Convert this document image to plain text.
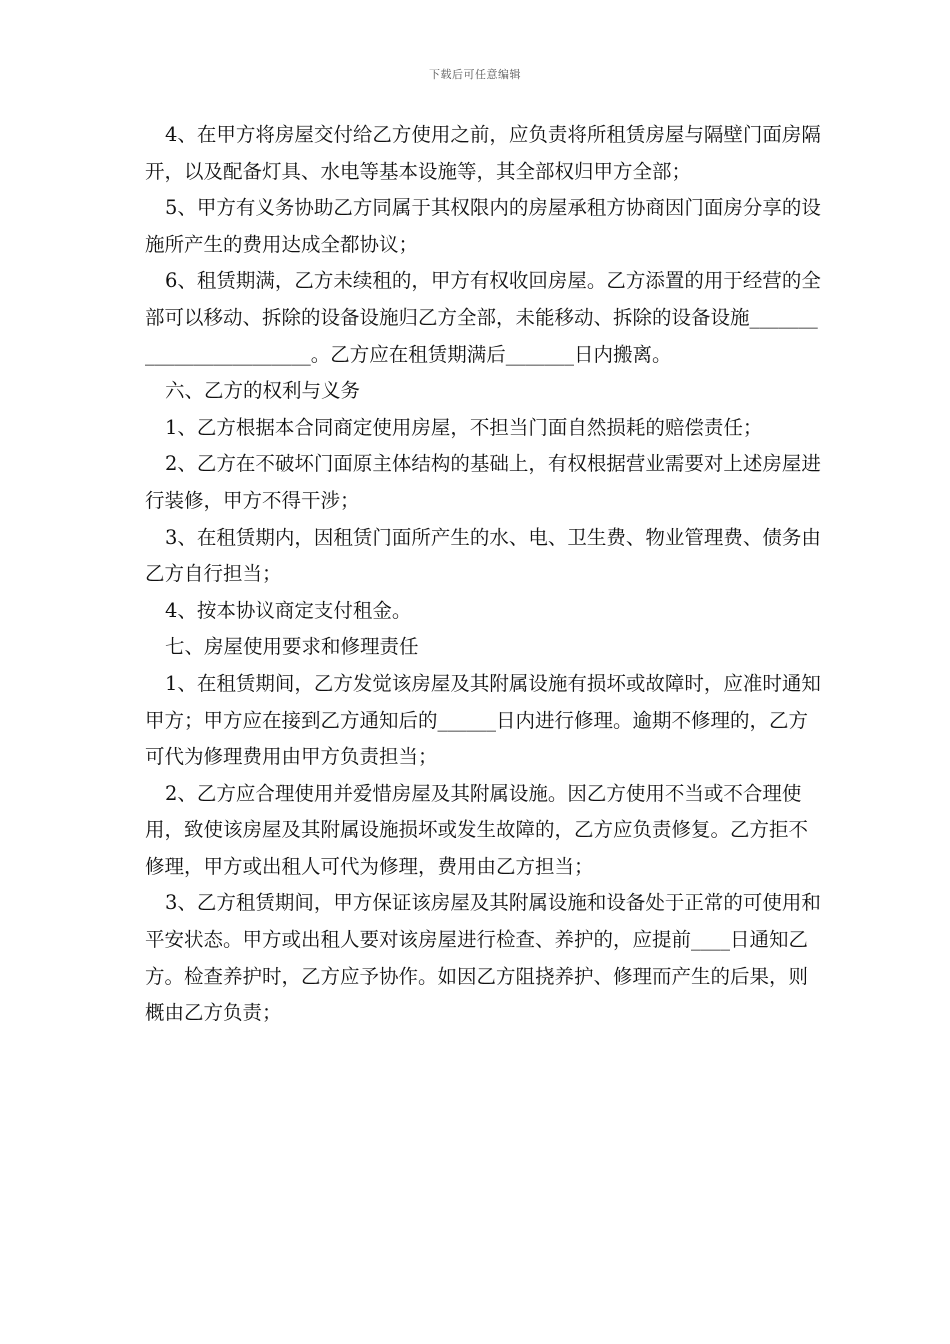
下载后可任意编辑

4、在甲方将房屋交付给乙方使用之前，应负责将所租赁房屋与隔壁门面房隔开，以及配备灯具、水电等基本设施等，其全部权归甲方全部；

5、甲方有义务协助乙方同属于其权限内的房屋承租方协商因门面房分享的设施所产生的费用达成全都协议；

6、租赁期满，乙方未续租的，甲方有权收回房屋。乙方添置的用于经营的全部可以移动、拆除的设备设施归乙方全部，未能移动、拆除的设备设施________________________。乙方应在租赁期满后_______日内搬离。

六、乙方的权利与义务

1、乙方根据本合同商定使用房屋，不担当门面自然损耗的赔偿责任；

2、乙方在不破坏门面原主体结构的基础上，有权根据营业需要对上述房屋进行装修，甲方不得干涉；

3、在租赁期内，因租赁门面所产生的水、电、卫生费、物业管理费、债务由乙方自行担当；

4、按本协议商定支付租金。

七、房屋使用要求和修理责任

1、在租赁期间，乙方发觉该房屋及其附属设施有损坏或故障时，应准时通知甲方；甲方应在接到乙方通知后的______日内进行修理。逾期不修理的，乙方可代为修理费用由甲方负责担当；

2、乙方应合理使用并爱惜房屋及其附属设施。因乙方使用不当或不合理使用，致使该房屋及其附属设施损坏或发生故障的，乙方应负责修复。乙方拒不修理，甲方或出租人可代为修理，费用由乙方担当；

3、乙方租赁期间，甲方保证该房屋及其附属设施和设备处于正常的可使用和平安状态。甲方或出租人要对该房屋进行检查、养护的，应提前____日通知乙方。检查养护时，乙方应予协作。如因乙方阻挠养护、修理而产生的后果，则概由乙方负责；
